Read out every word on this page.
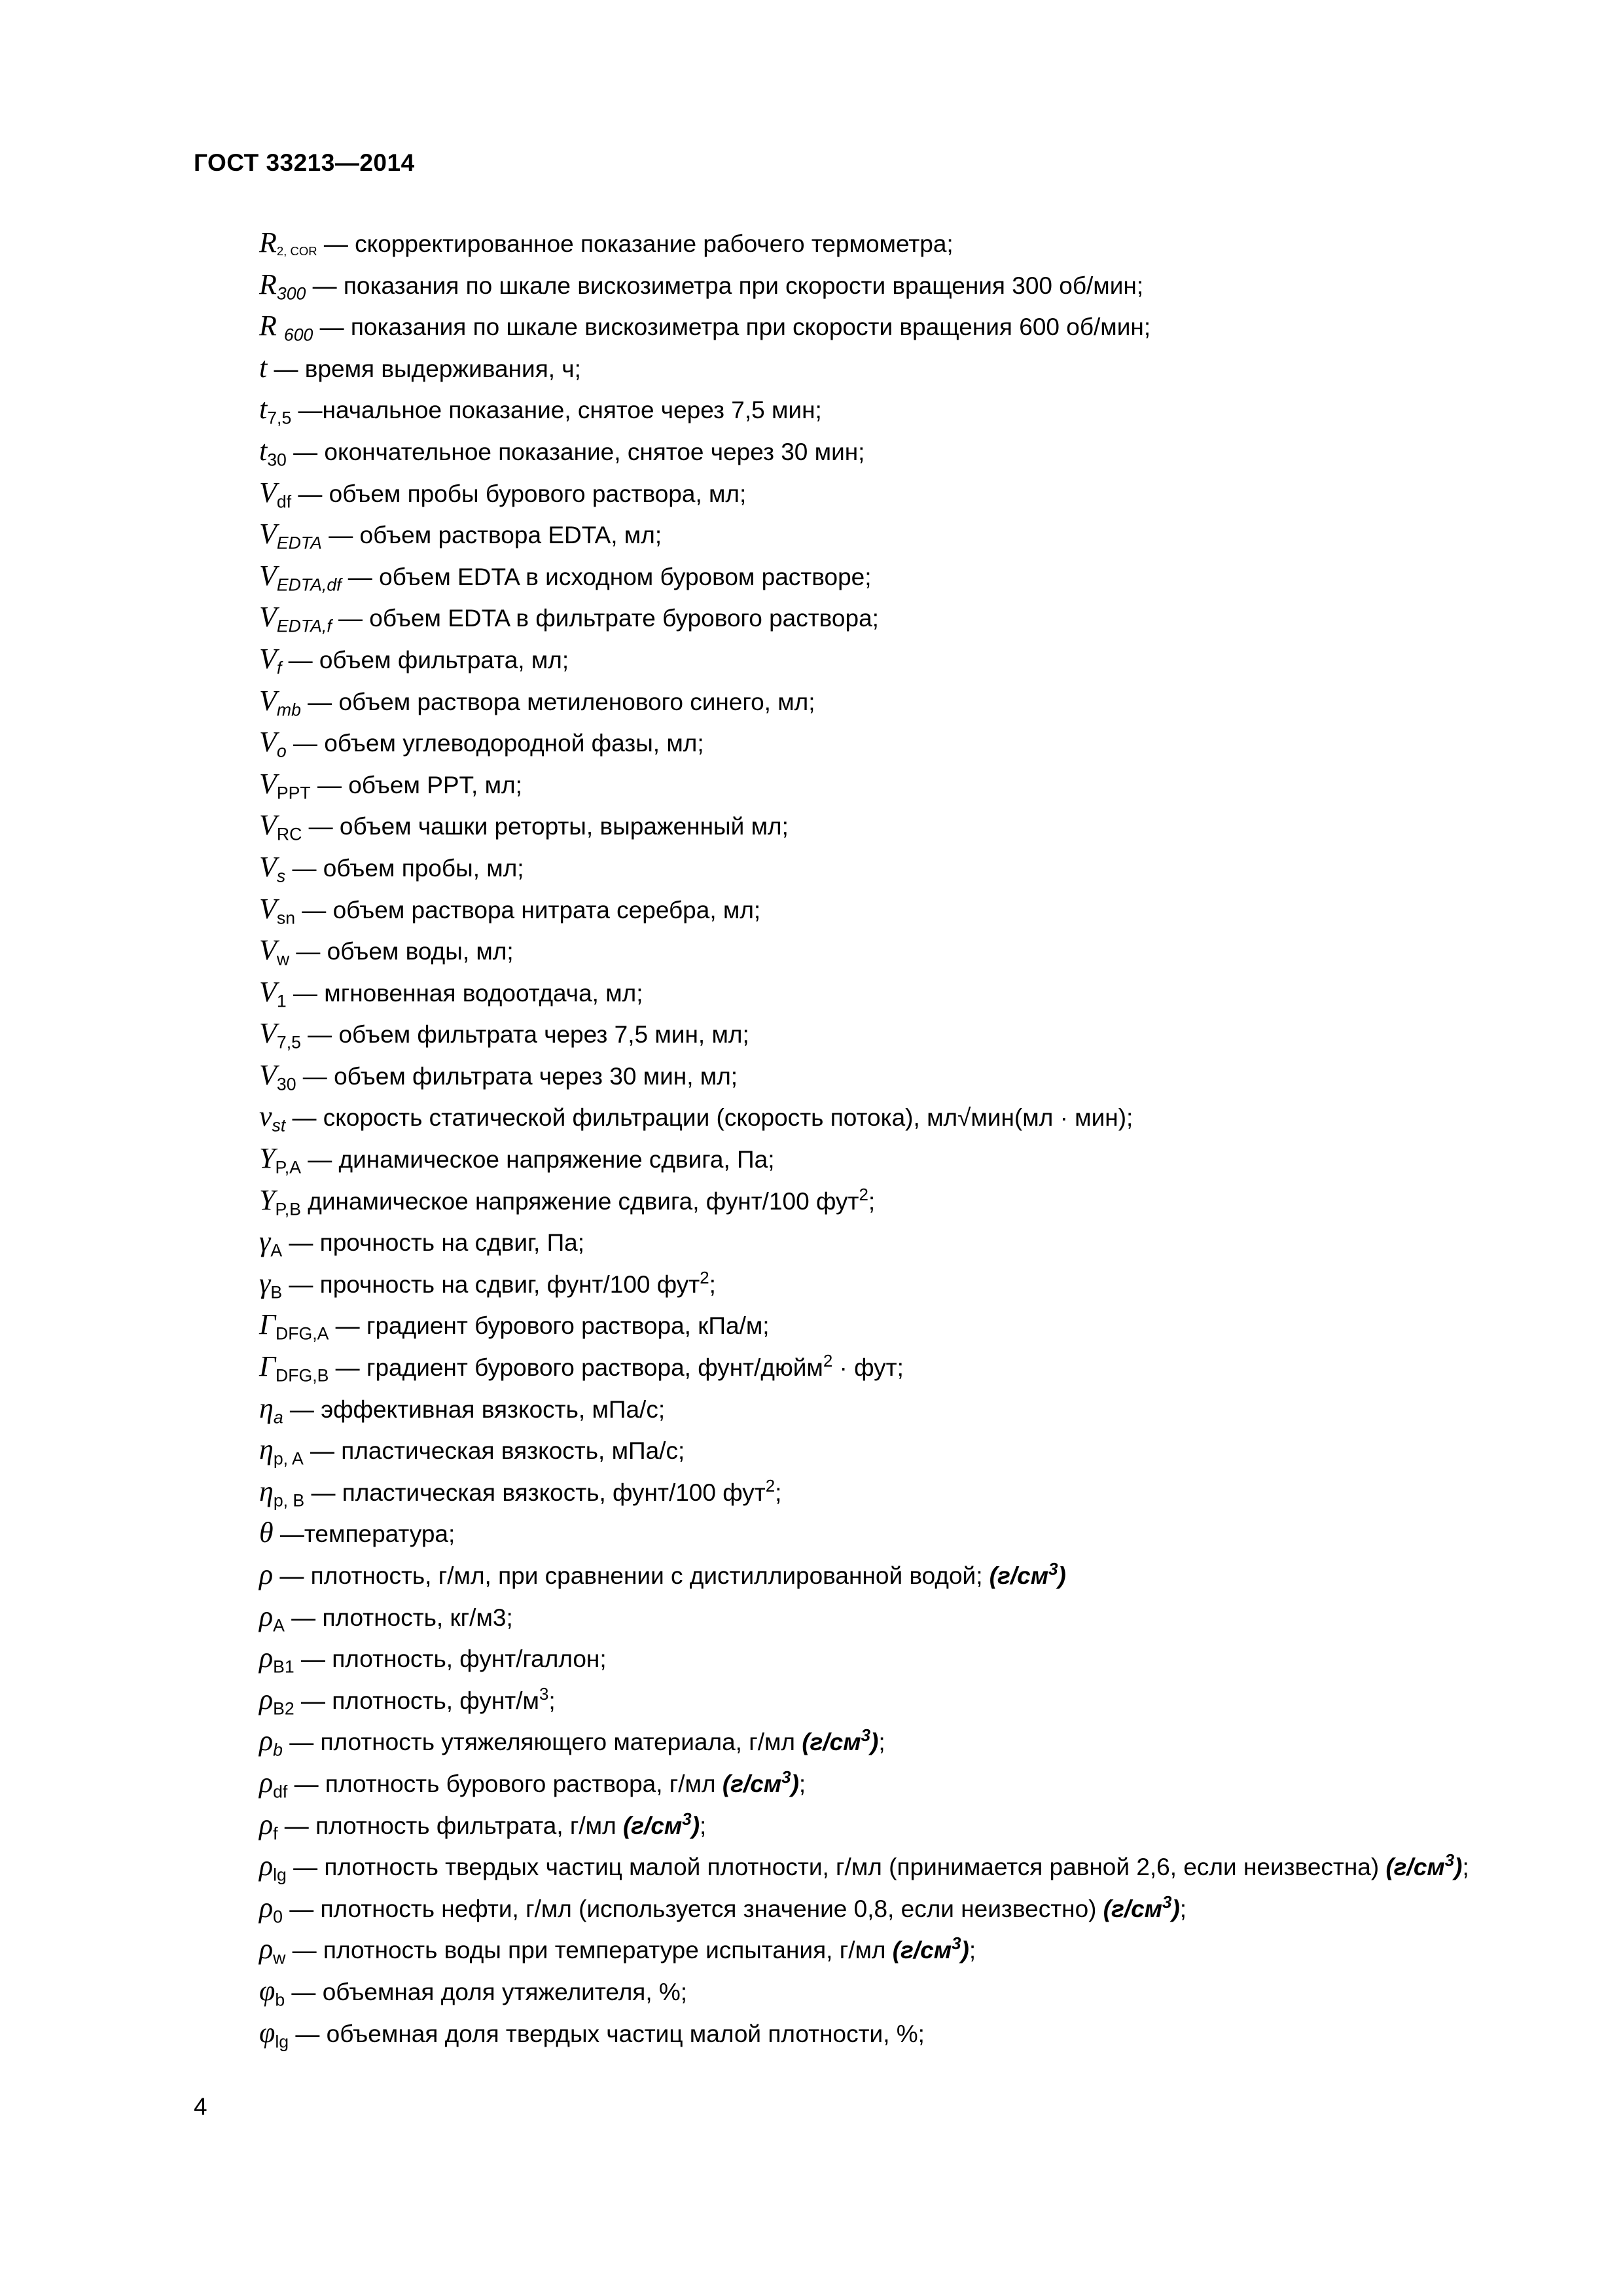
ГОСТ 33213—2014
$R_{2, COR}$ — скорректированное показание рабочего термометра;
$R_{300}$ — показания по шкале вискозиметра при скорости вращения 300 об/мин;
R $_{600}$ — показания по шкале вискозиметра при скорости вращения 600 об/мин;
t — время выдерживания, ч;
$t_{7,5}$ —начальное показание, снятое через 7,5 мин;
$t_{30}$ — окончательное показание, снятое через 30 мин;
$V_{df}$ — объем пробы бурового раствора, мл;
$V_{EDTA}$ — объем раствора EDTA, мл;
$V_{EDTA,df}$ — объем EDTA в исходном буровом растворе;
$V_{EDTA,f}$ — объем EDTA в фильтрате бурового раствора;
$V_f$ — объем фильтрата, мл;
$V_{mb}$ — объем раствора метиленового синего, мл;
$V_o$ — объем углеводородной фазы, мл;
$V_{PPT}$ — объем PPT, мл;
$V_{RC}$ — объем чашки реторты, выраженный мл;
$V_s$ — объем пробы, мл;
$V_{sn}$ — объем раствора нитрата серебра, мл;
$V_w$ — объем воды, мл;
$V_1$ — мгновенная водоотдача, мл;
$V_{7,5}$ — объем фильтрата через 7,5 мин, мл;
$V_{30}$ — объем фильтрата через 30 мин, мл;
$v_{st}$ — скорость статической фильтрации (скорость потока), мл√мин(мл · мин);
$Y_{P,A}$ — динамическое напряжение сдвига, Па;
$Y_{P,B}$ динамическое напряжение сдвига, фунт/100 фут$^2$;
$\gamma_A$ — прочность на сдвиг, Па;
$\gamma_B$ — прочность на сдвиг, фунт/100 фут$^2$;
$\Gamma_{DFG,A}$ — градиент бурового раствора, кПа/м;
$\Gamma_{DFG,B}$ — градиент бурового раствора, фунт/дюйм$^2$ · фут;
$\eta_a$ — эффективная вязкость, мПа/с;
$\eta_{p, A}$ — пластическая вязкость, мПа/с;
$\eta_{p, B}$ — пластическая вязкость, фунт/100 фут$^2$;
θ —температура;
ρ — плотность, г/мл, при сравнении с дистиллированной водой; $(г/см^3)$
$\rho_A$ — плотность, кг/м3;
$\rho_{B1}$ — плотность, фунт/галлон;
$\rho_{B2}$ — плотность, фунт/$м^3$;
$\rho_b$ — плотность утяжеляющего материала, г/мл $(г/см^3)$;
$\rho_{df}$ — плотность бурового раствора, г/мл $(г/см^3)$;
$\rho_f$ — плотность фильтрата, г/мл $(г/см^3)$;
$\rho_{lg}$ — плотность твердых частиц малой плотности, г/мл (принимается равной 2,6, если неизвестна) $(г/см^3)$;
$\rho_0$ — плотность нефти, г/мл (используется значение 0,8, если неизвестно) $(г/см^3)$;
$\rho_w$ — плотность воды при температуре испытания, г/мл $(г/см^3)$;
$\varphi_b$ — объемная доля утяжелителя, %;
$\varphi_{lg}$ — объемная доля твердых частиц малой плотности, %;
4
